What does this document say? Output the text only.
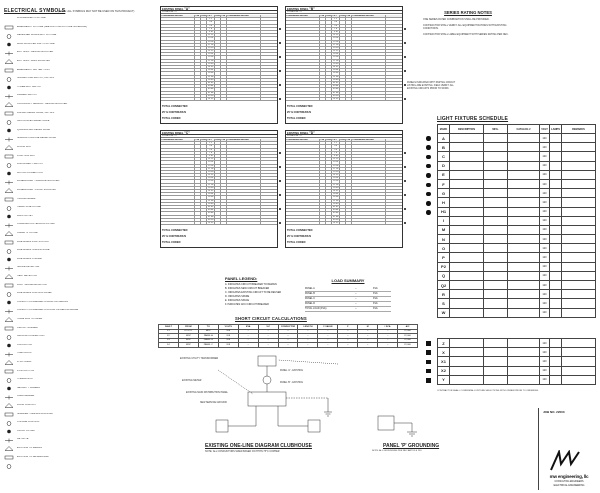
ELECTRICAL SYMBOLS
(NOTE: ALL SYMBOLS MAY NOT BE USED ON THIS PROJECT)
FLUORESCENT FIXTURE
EMERGENCY FIXTURE (SEE LIGHTING FIXTURE SCHEDULE)
RECESSED DOWNLIGHT FIXTURE
WALL MOUNTED LIGHT FIXTURE
EXIT SIGN - CEILING MOUNTED
EXIT SIGN - WALL MOUNTED
EMERGENCY BATTERY UNIT
SINGLE POLE SWITCH, +48" AFF
THREE-WAY SWITCH
DIMMER SWITCH
OCCUPANCY SENSOR - CEILING MOUNTED
DUPLEX RECEPTACLE, +18" AFF
GFCI DUPLEX RECEPTACLE
QUADRUPLEX RECEPTACLE
SPECIAL PURPOSE RECEPTACLE
FLOOR BOX
JUNCTION BOX
DISCONNECT SWITCH
MOTOR CONNECTION
PANELBOARD - SURFACE MOUNTED
PANELBOARD - FLUSH MOUNTED
TRANSFORMER
TELEPHONE OUTLET
DATA OUTLET
COMBINATION TEL/DATA OUTLET
CABLE TV OUTLET
FIRE ALARM PULL STATION
FIRE ALARM HORN/STROBE
FIRE ALARM STROBE
SMOKE DETECTOR
HEAT DETECTOR
DUCT SMOKE DETECTOR
FIRE ALARM CONTROL PANEL
CONDUIT CONCEALED IN WALL OR CEILING
CONDUIT CONCEALED IN FLOOR OR BELOW GRADE
HOME RUN TO PANEL
CIRCUIT NUMBER
GROUND CONNECTION
CONTACTOR
TIME CLOCK
PHOTOCELL
PUSH BUTTON
THERMOSTAT
SECURITY CAMERA
CARD READER
DOOR CONTACT
SPEAKER - CEILING MOUNTED
VOLUME CONTROL
CLOCK OUTLET
KEYNOTE
EXISTING TO REMAIN
EXISTING TO BE REMOVED
EXISTING PANEL "A"
LOCATION: ----
LOAD/AREA SERVED	C/B	KVA CKT	KVA C/B	LOAD/AREA SERVED
1 2
3 4
5 6
7 8
9 10
11 12
13 14
15 16
17 18
19 20
21 22
23 24
25 26
27 28
29 30
31 32
33 34
35 36
37 38
39 40
41 42
43 44
45 46
47 48
49 50
51 52
TOTAL CONNECTED
25 % CONTINUOUS
TOTAL CODED
EXISTING PANEL "B"
LOCATION: ----
LOAD/AREA SERVED	C/B	KVA CKT	KVA C/B	LOAD/AREA SERVED
1 2
3 4
5 6
7 8
9 10
11 12
13 14
15 16
17 18
19 20
21 22
23 24
25 26
27 28
29 30
31 32
33 34
35 36
37 38
39 40
41 42
43 44
45 46
47 48
49 50
51 52
TOTAL CONNECTED
25 % CONTINUOUS
TOTAL CODED
EXISTING PANEL "C"
LOCATION: ----
LOAD/AREA SERVED	C/B	KVA CKT	KVA C/B	LOAD/AREA SERVED
1 2
3 4
5 6
7 8
9 10
11 12
13 14
15 16
17 18
19 20
21 22
23 24
25 26
27 28
29 30
31 32
33 34
35 36
37 38
39 40
41 42
43 44
45 46
47 48
49 50
51 52
TOTAL CONNECTED
25 % CONTINUOUS
TOTAL CODED
EXISTING PANEL "D"
LOCATION: ----
LOAD/AREA SERVED	C/B	KVA CKT	KVA C/B	LOAD/AREA SERVED
1 2
3 4
5 6
7 8
9 10
11 12
13 14
15 16
17 18
19 20
21 22
23 24
25 26
27 28
29 30
31 32
33 34
35 36
37 38
39 40
41 42
43 44
45 46
47 48
49 50
51 52
TOTAL CONNECTED
25 % CONTINUOUS
TOTAL CODED
PANEL LEGEND:
A. INDICATES CIRCUIT BREAKER TO REMAIN
B. INDICATES NEW CIRCUIT BREAKER
C. INDICATES EXISTING CIRCUIT TO BE REUSED
D. INDICATES SPARE
E. INDICATES SPACE
F. INDICATES GFCI CIRCUIT BREAKER
LOAD SUMMARY
PANEL A	--	KVA
PANEL B	--	KVA
PANEL C	--	KVA
PANEL D	--	KVA
TOTAL LOAD (KVA)	--	KVA
SERIES RATING NOTES
ONE SERIES RATED COMBINATION SHALL BE PROVIDED.
CONTRACTOR SHALL VERIFY ALL EQUIPMENT RATINGS WITH EXISTING CONDITIONS.
CONTRACTOR SHALL LABEL EQUIPMENT WITH SERIES RATING PER NEC.
PANELS INDICATED WITH PARTIAL CIRCUIT LISTING ARE EXISTING. FIELD VERIFY ALL EXISTING CIRCUITS PRIOR TO WORK.
LIGHT FIXTURE SCHEDULE
MARK	DESCRIPTION	MFG.	CATALOG #	VOLT	LAMPS	REMARKS
A				120		
B				120		
C				120		
D				120		
E				120		
F				120		
G				120		
H				120		
H1				120		
I				120		
M				120		
N				120		
O				120		
P				120		
P2				120		
Q				120		
Q2				120		
R				120		
S				120		
W				120		
Z				120		
X				120		
X1				120		
X2				120		
Y				120		
CONTRACTOR SHALL CONFIRM ALL FIXTURE SELECTIONS WITH OWNER PRIOR TO ORDERING.
SHORT CIRCUIT CALCULATIONS
FAULT	FROM	TO	VOLTS	KVA	%Z	CONDUCTOR	LENGTH	C VALUE	F	M	I SCA	AIC
F1	UTILITY	MDP	208	--	--	--	--	--	--	--	--	22,000
F2	MDP	PANEL A	208	--	--	--	--	--	--	--	--	22,000
F3	MDP	PANEL B	208	--	--	--	--	--	--	--	--	22,000
F4	MDP	PANEL C	208	--	--	--	--	--	--	--	--	22,000
EXISTING UTILITY TRANSFORMER
EXISTING METER
EXISTING MAIN DISTRIBUTION PANEL
NEW SERVICE GROUND
PANEL 'A' - EXISTING
PANEL 'B' - EXISTING
EXISTING ONE-LINE DIAGRAM CLUBHOUSE
NOTE: ALL CONDUCTORS SIZED BASED ON THHN 75°C COPPER
PANEL 'P' GROUNDING
NOTE: ALL GROUNDING PER NEC ARTICLE 250
JOB NO. 22003
mw engineering, llc
CONSULTING ENGINEERS
ELECTRICAL ENGINEERING
